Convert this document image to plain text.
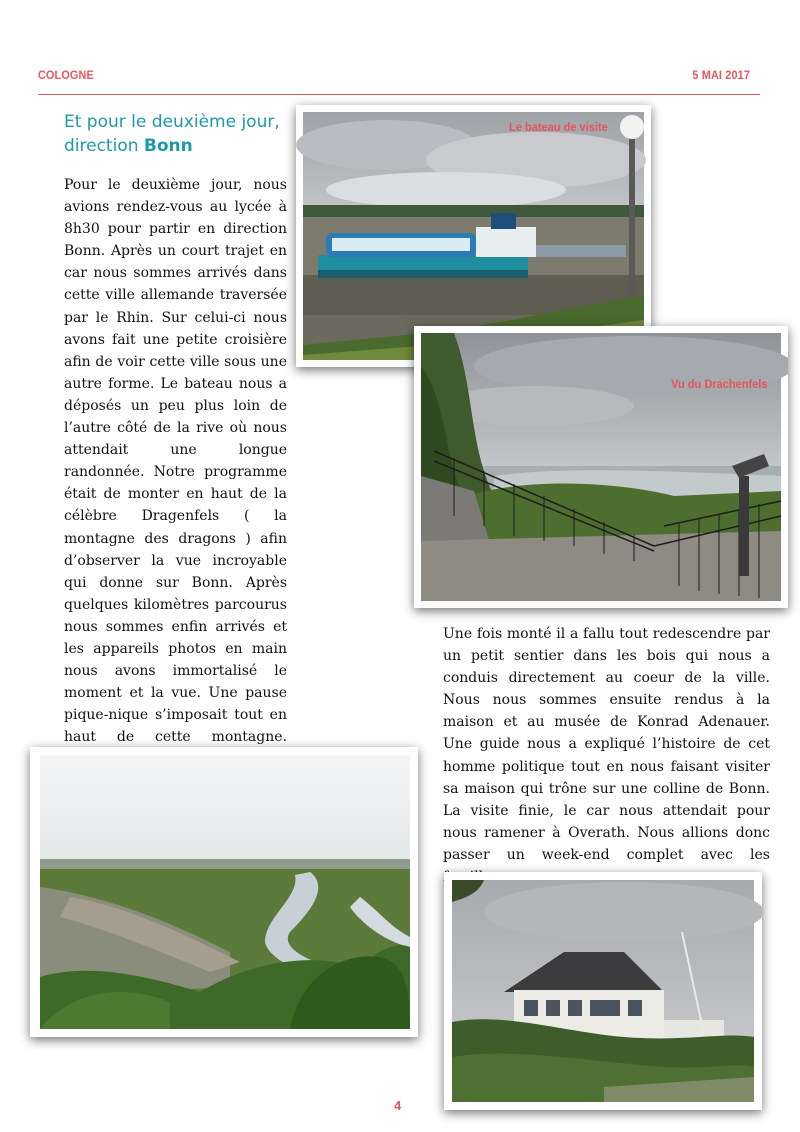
COLOGNE	5 MAI 2017
Et pour le deuxième jour, direction Bonn
Pour le deuxième jour, nous avions rendez-vous au lycée à 8h30 pour partir en direction Bonn. Après un court trajet en car nous sommes arrivés dans cette ville allemande traversée par le Rhin. Sur celui-ci nous avons fait une petite croisière afin de voir cette ville sous une autre forme. Le bateau nous a déposés un peu plus loin de l’autre côté de la rive où nous attendait une longue randonnée. Notre programme était de monter en haut de la célèbre Dragenfels ( la montagne des dragons ) afin d’observer la vue incroyable qui donne sur Bonn. Après quelques kilomètres parcourus nous sommes enfin arrivés et les appareils photos en main nous avons immortalisé le moment et la vue. Une pause pique-nique s’imposait tout en haut de cette montagne.
Le bateau de visite
Vu du Drachenfels
Une fois monté il a fallu tout redescendre par un petit sentier dans les bois qui nous a conduis directement au coeur de la ville. Nous nous sommes ensuite rendus à la maison et au musée de Konrad Adenauer. Une guide nous a expliqué l’histoire de cet homme politique tout en nous faisant visiter sa maison qui trône sur une colline de Bonn. La visite finie, le car nous attendait pour nous ramener à Overath. Nous allions donc passer un week-end complet avec les
4
